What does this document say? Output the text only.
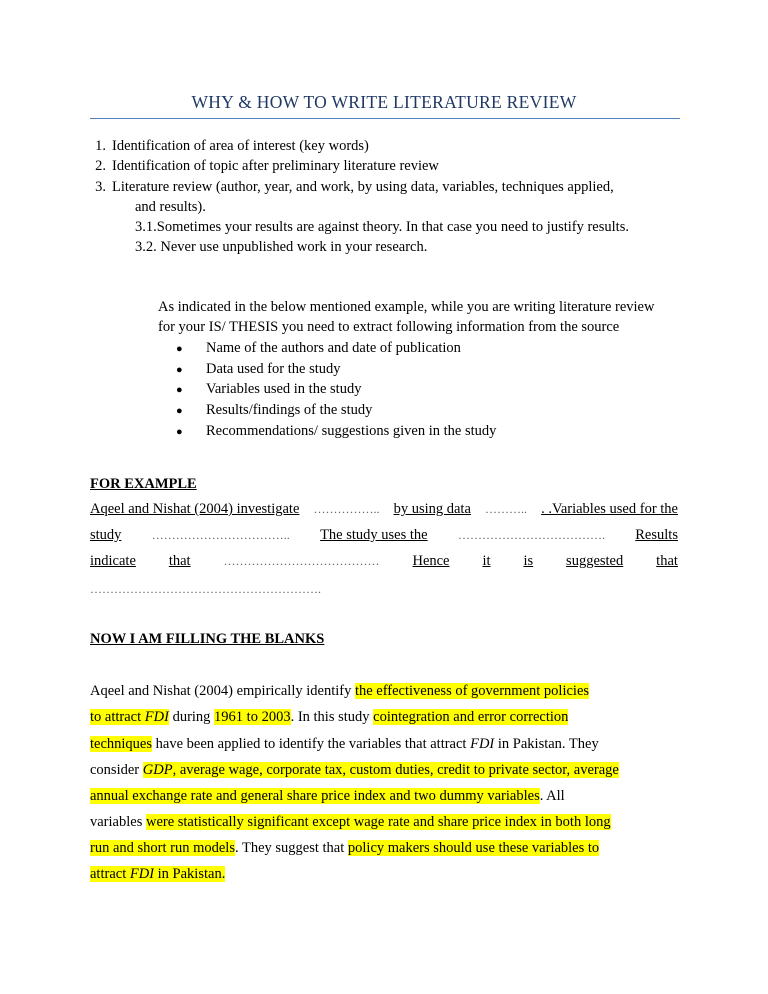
WHY & HOW TO WRITE LITERATURE REVIEW
1. Identification of area of interest (key words)
2. Identification of topic after preliminary literature review
3. Literature review (author, year, and work, by using data, variables, techniques applied,
and results).
3.1.Sometimes your results are against theory. In that case you need to justify results.
3.2. Never use unpublished work in your research.
As indicated in the below mentioned example, while you are writing literature review
for your IS/ THESIS you need to extract following information from the source
● Name of the authors and date of publication
● Data used for the study
● Variables used in the study
● Results/findings of the study
● Recommendations/ suggestions given in the study
FOR EXAMPLE
Aqeel and Nishat (2004) investigate …………….. by using data ……….. . .Variables used for the
study	…………………………….. The study uses the	………………………………. Results
indicate that	………………………………… Hence it is suggested that
………………………………………………….
NOW I AM FILLING THE BLANKS
Aqeel and Nishat (2004) empirically identify the effectiveness of government policies
to attract FDI during 1961 to 2003. In this study cointegration and error correction
techniques have been applied to identify the variables that attract FDI in Pakistan. They
consider GDP, average wage, corporate tax, custom duties, credit to private sector, average
annual exchange rate and general share price index and two dummy variables. All
variables were statistically significant except wage rate and share price index in both long
run and short run models. They suggest that policy makers should use these variables to
attract FDI in Pakistan.
